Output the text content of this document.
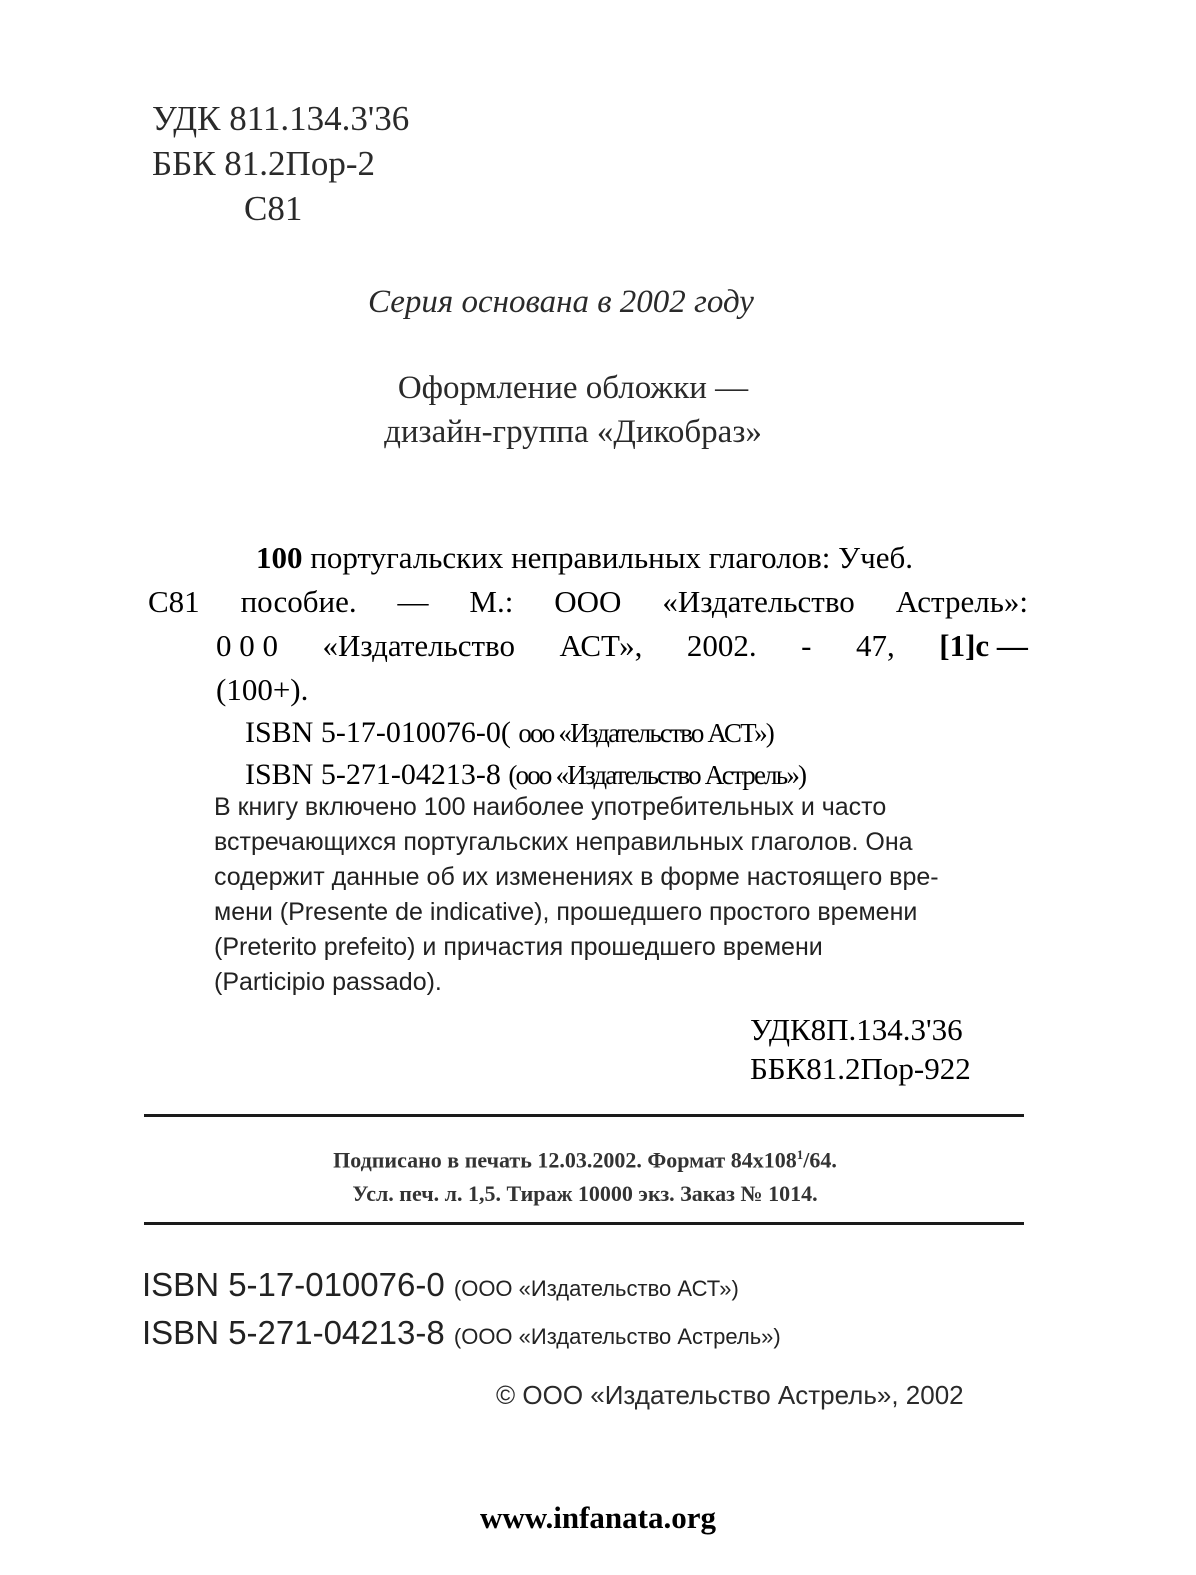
УДК 811.134.3'36
ББК 81.2Пор-2
С81
Серия основана в 2002 году
Оформление обложки —
дизайн-группа «Дикобраз»
100 португальских неправильных глаголов: Учеб.
С81 пособие. — М.: ООО «Издательство Астрель»:
0 0 0 «Издательство АСТ», 2002. - 47, [1]с —
(100+).
ISBN 5-17-010076-0( ооо «Издательство АСТ»)
ISBN 5-271-04213-8 (ооо «Издательство Астрель»)
В книгу включено 100 наиболее употребительных и часто
встречающихся португальских неправильных глаголов. Она
содержит данные об их изменениях в форме настоящего вре-
мени (Presente de indicative), прошедшего простого времени
(Preterito prefeito) и причастия прошедшего времени
(Participio passado).
УДК8П.134.3'36
ББК81.2Пор-922
Подписано в печать 12.03.2002. Формат $84x108^1/64$.
Усл. печ. л. 1,5. Тираж 10000 экз. Заказ № 1014.
ISBN 5-17-010076-0 (ООО «Издательство АСТ»)
ISBN 5-271-04213-8 (ООО «Издательство Астрель»)
© ООО «Издательство Астрель», 2002
www.infanata.org
